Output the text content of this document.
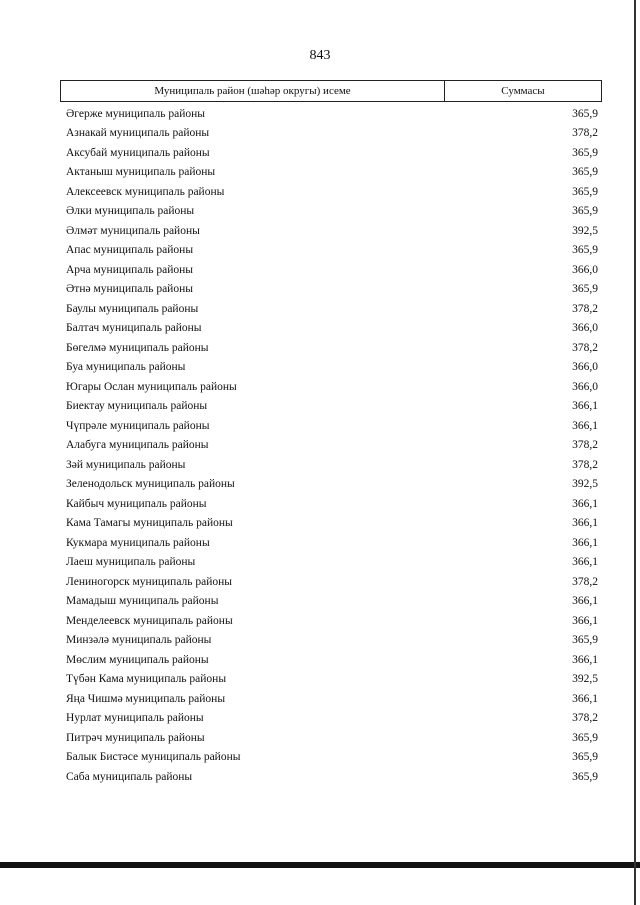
843
Муниципаль район (шәһәр округы) исеме	Суммасы
Әгерже муниципаль районы	365,9
Азнакай муниципаль районы	378,2
Аксубай муниципаль районы	365,9
Актаныш муниципаль районы	365,9
Алексеевск муниципаль районы	365,9
Әлки муниципаль районы	365,9
Әлмәт муниципаль районы	392,5
Апас муниципаль районы	365,9
Арча муниципаль районы	366,0
Әтнә муниципаль районы	365,9
Баулы муниципаль районы	378,2
Балтач муниципаль районы	366,0
Бөгелмә муниципаль районы	378,2
Буа муниципаль районы	366,0
Югары Ослан муниципаль районы	366,0
Биектау муниципаль районы	366,1
Чүпрәле муниципаль районы	366,1
Алабуга муниципаль районы	378,2
Зәй муниципаль районы	378,2
Зеленодольск муниципаль районы	392,5
Кайбыч муниципаль районы	366,1
Кама Тамагы муниципаль районы	366,1
Кукмара муниципаль районы	366,1
Лаеш муниципаль районы	366,1
Лениногорск муниципаль районы	378,2
Мамадыш муниципаль районы	366,1
Менделеевск муниципаль районы	366,1
Минзәлә муниципаль районы	365,9
Мөслим муниципаль районы	366,1
Түбән Кама муниципаль районы	392,5
Яңа Чишмә муниципаль районы	366,1
Нурлат муниципаль районы	378,2
Питрәч муниципаль районы	365,9
Балык Бистәсе муниципаль районы	365,9
Саба муниципаль районы	365,9
